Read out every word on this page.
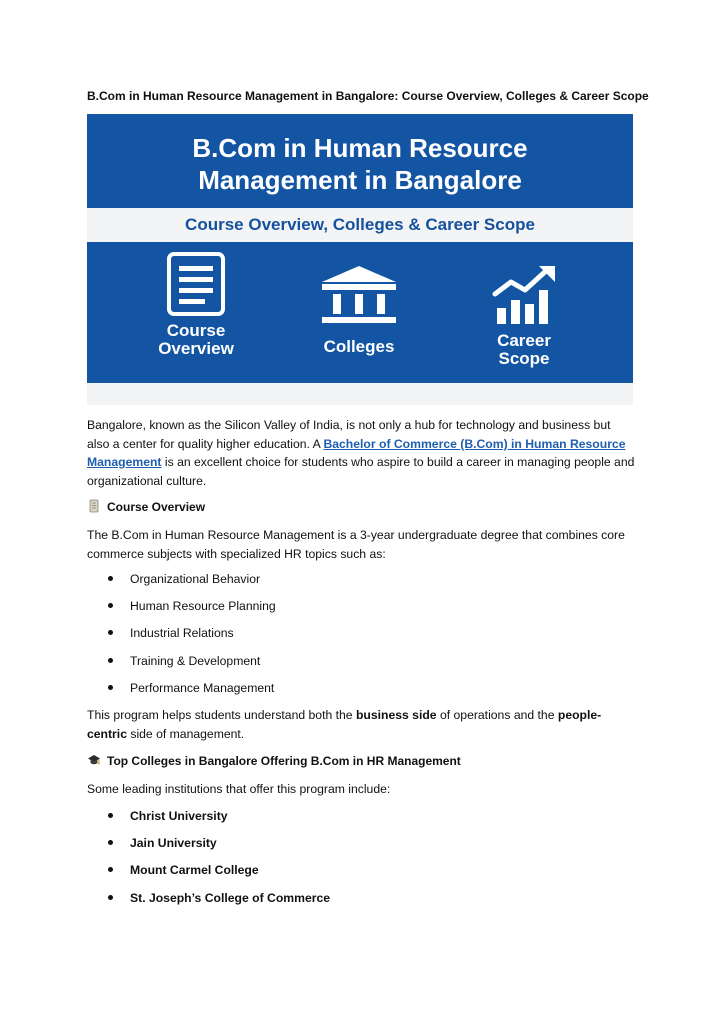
B.Com in Human Resource Management in Bangalore: Course Overview, Colleges & Career Scope
B.Com in Human Resource
Management in Bangalore
Course Overview, Colleges & Career Scope
Course
Overview	Colleges	Career
Scope
Bangalore, known as the Silicon Valley of India, is not only a hub for technology and business but also a center for quality higher education. A Bachelor of Commerce (B.Com) in Human Resource Management is an excellent choice for students who aspire to build a career in managing people and organizational culture.
Course Overview
The B.Com in Human Resource Management is a 3-year undergraduate degree that combines core commerce subjects with specialized HR topics such as:
Organizational Behavior
Human Resource Planning
Industrial Relations
Training & Development
Performance Management
This program helps students understand both the business side of operations and the people-centric side of management.
Top Colleges in Bangalore Offering B.Com in HR Management
Some leading institutions that offer this program include:
Christ University
Jain University
Mount Carmel College
St. Joseph’s College of Commerce
